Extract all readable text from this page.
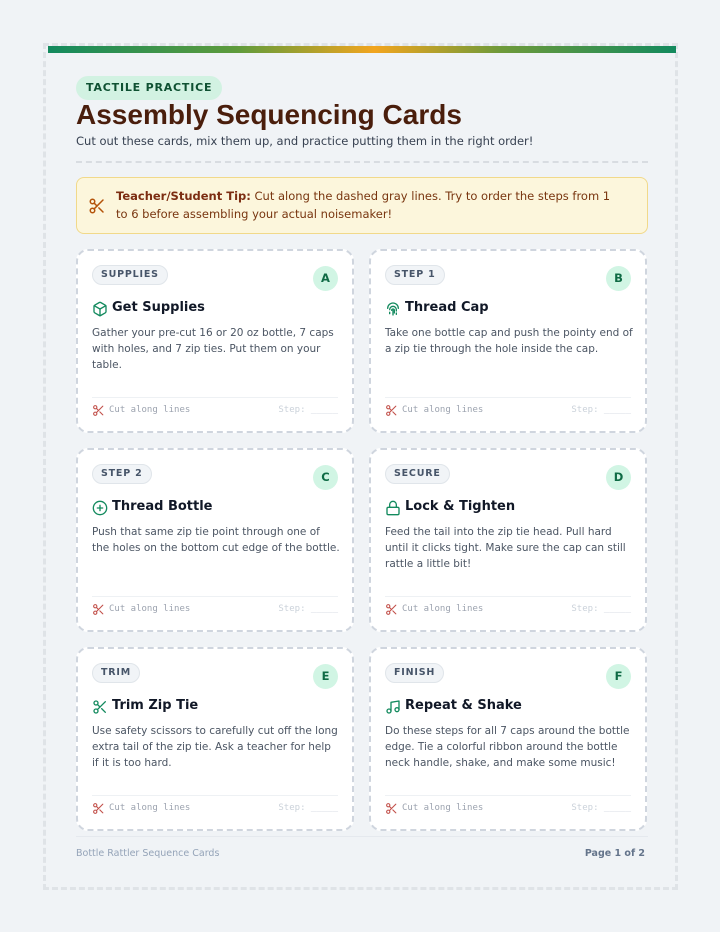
TACTILE PRACTICE
Assembly Sequencing Cards
Cut out these cards, mix them up, and practice putting them in the right order!
Teacher/Student Tip: Cut along the dashed gray lines. Try to order the steps from 1 to 6 before assembling your actual noisemaker!
SUPPLIES	A
Get Supplies
Gather your pre-cut 16 or 20 oz bottle, 7 caps with holes, and 7 zip ties. Put them on your table.
Cut along lines	Step: _____
STEP 1	B
Thread Cap
Take one bottle cap and push the pointy end of a zip tie through the hole inside the cap.
Cut along lines	Step: _____
STEP 2	C
Thread Bottle
Push that same zip tie point through one of the holes on the bottom cut edge of the bottle.
Cut along lines	Step: _____
SECURE	D
Lock & Tighten
Feed the tail into the zip tie head. Pull hard until it clicks tight. Make sure the cap can still rattle a little bit!
Cut along lines	Step: _____
TRIM	E
Trim Zip Tie
Use safety scissors to carefully cut off the long extra tail of the zip tie. Ask a teacher for help if it is too hard.
Cut along lines	Step: _____
FINISH	F
Repeat & Shake
Do these steps for all 7 caps around the bottle edge. Tie a colorful ribbon around the bottle neck handle, shake, and make some music!
Cut along lines	Step: _____
Bottle Rattler Sequence Cards	Page 1 of 2
